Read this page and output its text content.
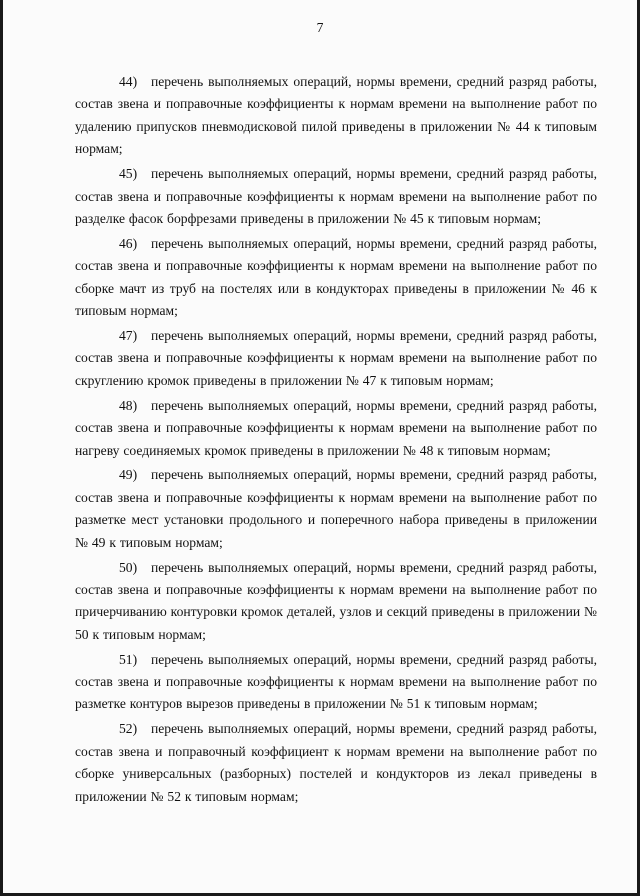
7

44) перечень выполняемых операций, нормы времени, средний разряд работы, состав звена и поправочные коэффициенты к нормам времени на выполнение работ по удалению припусков пневмодисковой пилой приведены в приложении № 44 к типовым нормам;

45) перечень выполняемых операций, нормы времени, средний разряд работы, состав звена и поправочные коэффициенты к нормам времени на выполнение работ по разделке фасок борфрезами приведены в приложении № 45 к типовым нормам;

46) перечень выполняемых операций, нормы времени, средний разряд работы, состав звена и поправочные коэффициенты к нормам времени на выполнение работ по сборке мачт из труб на постелях или в кондукторах приведены в приложении № 46 к типовым нормам;

47) перечень выполняемых операций, нормы времени, средний разряд работы, состав звена и поправочные коэффициенты к нормам времени на выполнение работ по скруглению кромок приведены в приложении № 47 к типовым нормам;

48) перечень выполняемых операций, нормы времени, средний разряд работы, состав звена и поправочные коэффициенты к нормам времени на выполнение работ по нагреву соединяемых кромок приведены в приложении № 48 к типовым нормам;

49) перечень выполняемых операций, нормы времени, средний разряд работы, состав звена и поправочные коэффициенты к нормам времени на выполнение работ по разметке мест установки продольного и поперечного набора приведены в приложении № 49 к типовым нормам;

50) перечень выполняемых операций, нормы времени, средний разряд работы, состав звена и поправочные коэффициенты к нормам времени на выполнение работ по причерчиванию контуровки кромок деталей, узлов и секций приведены в приложении № 50 к типовым нормам;

51) перечень выполняемых операций, нормы времени, средний разряд работы, состав звена и поправочные коэффициенты к нормам времени на выполнение работ по разметке контуров вырезов приведены в приложении № 51 к типовым нормам;

52) перечень выполняемых операций, нормы времени, средний разряд работы, состав звена и поправочный коэффициент к нормам времени на выполнение работ по сборке универсальных (разборных) постелей и кондукторов из лекал приведены в приложении № 52 к типовым нормам;
